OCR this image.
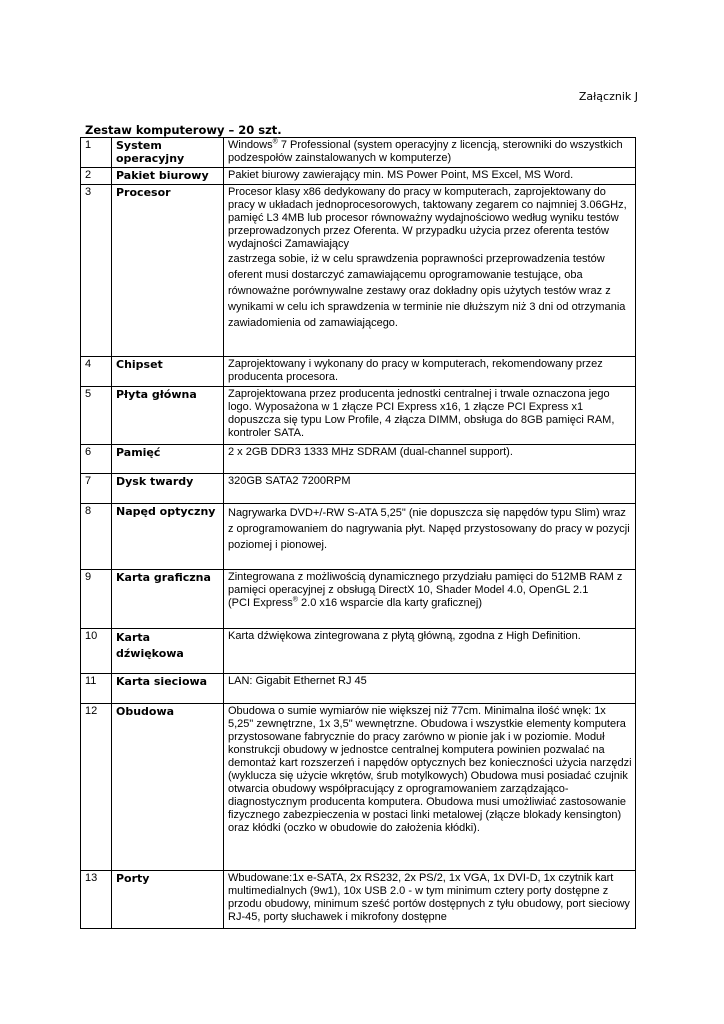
Załącznik J
Zestaw komputerowy – 20 szt.
1	System operacyjny	Windows® 7 Professional (system operacyjny z licencją, sterowniki do wszystkich podzespołów zainstalowanych w komputerze)
2	Pakiet biurowy	Pakiet biurowy zawierający min. MS Power Point, MS Excel, MS Word.
3	Procesor	Procesor klasy x86 dedykowany do pracy w komputerach, zaprojektowany do pracy w układach jednoprocesorowych, taktowany zegarem co najmniej 3.06GHz, pamięć L3 4MB lub procesor równoważny wydajnościowo według wyniku testów przeprowadzonych przez Oferenta. W przypadku użycia przez oferenta testów wydajności Zamawiający
zastrzega sobie, iż w celu sprawdzenia poprawności przeprowadzenia testów oferent musi dostarczyć zamawiającemu oprogramowanie testujące, oba równoważne porównywalne zestawy oraz dokładny opis użytych testów wraz z wynikami w celu ich sprawdzenia w terminie nie dłuższym niż 3 dni od otrzymania zawiadomienia od zamawiającego.

4	Chipset	Zaprojektowany i wykonany do pracy w komputerach, rekomendowany przez producenta procesora.
5	Płyta główna	Zaprojektowana przez producenta jednostki centralnej i trwale oznaczona jego logo. Wyposażona w 1 złącze PCI Express x16, 1 złącze PCI Express x1 dopuszcza się typu Low Profile, 4 złącza DIMM, obsługa do 8GB pamięci RAM, kontroler SATA.
6	Pamięć	2 x 2GB DDR3 1333 MHz SDRAM (dual-channel support).
7	Dysk twardy	320GB SATA2 7200RPM
8	Napęd optyczny	Nagrywarka DVD+/-RW S-ATA 5,25" (nie dopuszcza się napędów typu Slim) wraz z oprogramowaniem do nagrywania płyt. Napęd przystosowany do pracy w pozycji poziomej i pionowej.
9	Karta graficzna	Zintegrowana z możliwością dynamicznego przydziału pamięci do 512MB RAM z pamięci operacyjnej z obsługą DirectX 10, Shader Model 4.0, OpenGL 2.1
(PCI Express® 2.0 x16 wsparcie dla karty graficznej)

10	Karta dźwiękowa	Karta dźwiękowa zintegrowana z płytą główną, zgodna z High Definition.
11	Karta sieciowa	LAN: Gigabit Ethernet RJ 45
12	Obudowa	Obudowa o sumie wymiarów nie większej niż 77cm. Minimalna ilość wnęk: 1x 5,25" zewnętrzne, 1x 3,5" wewnętrzne. Obudowa i wszystkie elementy komputera przystosowane fabrycznie do pracy zarówno w pionie jak i w poziomie. Moduł konstrukcji obudowy w jednostce centralnej komputera powinien pozwalać na demontaż kart rozszerzeń i napędów optycznych bez konieczności użycia narzędzi (wyklucza się użycie wkrętów, śrub motylkowych) Obudowa musi posiadać czujnik otwarcia obudowy współpracujący z oprogramowaniem zarządzająco-diagnostycznym producenta komputera. Obudowa musi umożliwiać zastosowanie fizycznego zabezpieczenia w postaci linki metalowej (złącze blokady kensington) oraz kłódki (oczko w obudowie do założenia kłódki).
13	Porty	Wbudowane:1x e-SATA, 2x RS232, 2x PS/2, 1x VGA, 1x DVI-D, 1x czytnik kart multimedialnych (9w1), 10x USB 2.0 - w tym minimum cztery porty dostępne z przodu obudowy, minimum sześć portów dostępnych z tyłu obudowy, port sieciowy RJ-45, porty słuchawek i mikrofony dostępne
